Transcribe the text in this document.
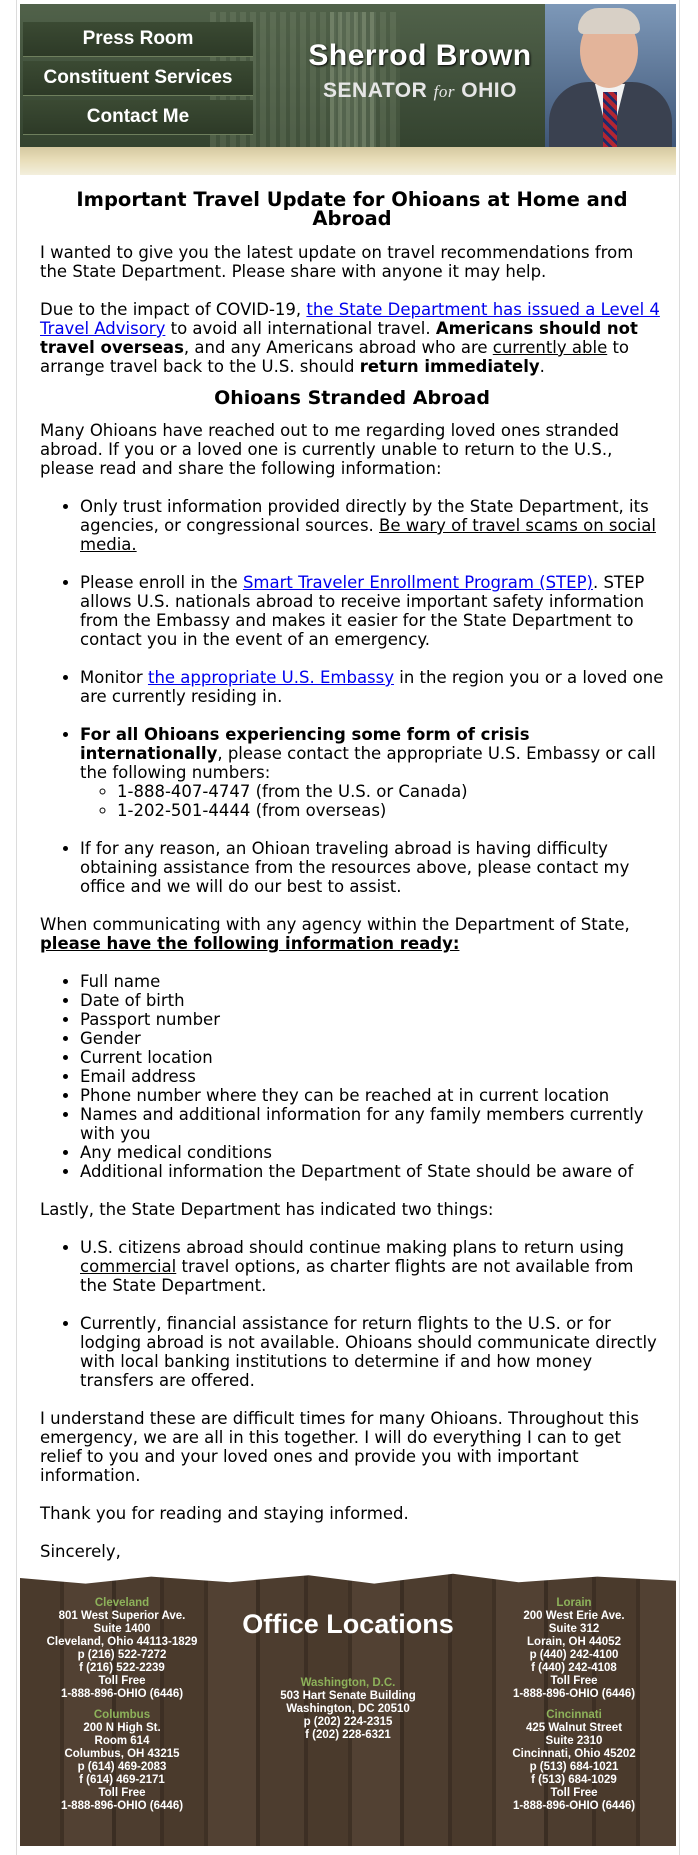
Press Room
Constituent Services
Contact Me
Sherrod Brown
SENATOR for OHIO

Important Travel Update for Ohioans at Home and Abroad

I wanted to give you the latest update on travel recommendations from the State Department. Please share with anyone it may help.

Due to the impact of COVID-19, the State Department has issued a Level 4 Travel Advisory to avoid all international travel. Americans should not travel overseas, and any Americans abroad who are currently able to arrange travel back to the U.S. should return immediately.

Ohioans Stranded Abroad

Many Ohioans have reached out to me regarding loved ones stranded abroad. If you or a loved one is currently unable to return to the U.S., please read and share the following information:

• Only trust information provided directly by the State Department, its agencies, or congressional sources. Be wary of travel scams on social media.
• Please enroll in the Smart Traveler Enrollment Program (STEP). STEP allows U.S. nationals abroad to receive important safety information from the Embassy and makes it easier for the State Department to contact you in the event of an emergency.
• Monitor the appropriate U.S. Embassy in the region you or a loved one are currently residing in.
• For all Ohioans experiencing some form of crisis internationally, please contact the appropriate U.S. Embassy or call the following numbers:
◦ 1-888-407-4747 (from the U.S. or Canada)
◦ 1-202-501-4444 (from overseas)
• If for any reason, an Ohioan traveling abroad is having difficulty obtaining assistance from the resources above, please contact my office and we will do our best to assist.

When communicating with any agency within the Department of State, please have the following information ready:

• Full name
• Date of birth
• Passport number
• Gender
• Current location
• Email address
• Phone number where they can be reached at in current location
• Names and additional information for any family members currently with you
• Any medical conditions
• Additional information the Department of State should be aware of

Lastly, the State Department has indicated two things:

• U.S. citizens abroad should continue making plans to return using commercial travel options, as charter flights are not available from the State Department.
• Currently, financial assistance for return flights to the U.S. or for lodging abroad is not available. Ohioans should communicate directly with local banking institutions to determine if and how money transfers are offered.

I understand these are difficult times for many Ohioans. Throughout this emergency, we are all in this together. I will do everything I can to get relief to you and your loved ones and provide you with important information.

Thank you for reading and staying informed.

Sincerely,

Office Locations
Cleveland
801 West Superior Ave.
Suite 1400
Cleveland, Ohio 44113-1829
p (216) 522-7272
f (216) 522-2239
Toll Free
1-888-896-OHIO (6446)
Columbus
200 N High St.
Room 614
Columbus, OH 43215
p (614) 469-2083
f (614) 469-2171
Toll Free
1-888-896-OHIO (6446)
Washington, D.C.
503 Hart Senate Building
Washington, DC 20510
p (202) 224-2315
f (202) 228-6321
Lorain
200 West Erie Ave.
Suite 312
Lorain, OH 44052
p (440) 242-4100
f (440) 242-4108
Toll Free
1-888-896-OHIO (6446)
Cincinnati
425 Walnut Street
Suite 2310
Cincinnati, Ohio 45202
p (513) 684-1021
f (513) 684-1029
Toll Free
1-888-896-OHIO (6446)
